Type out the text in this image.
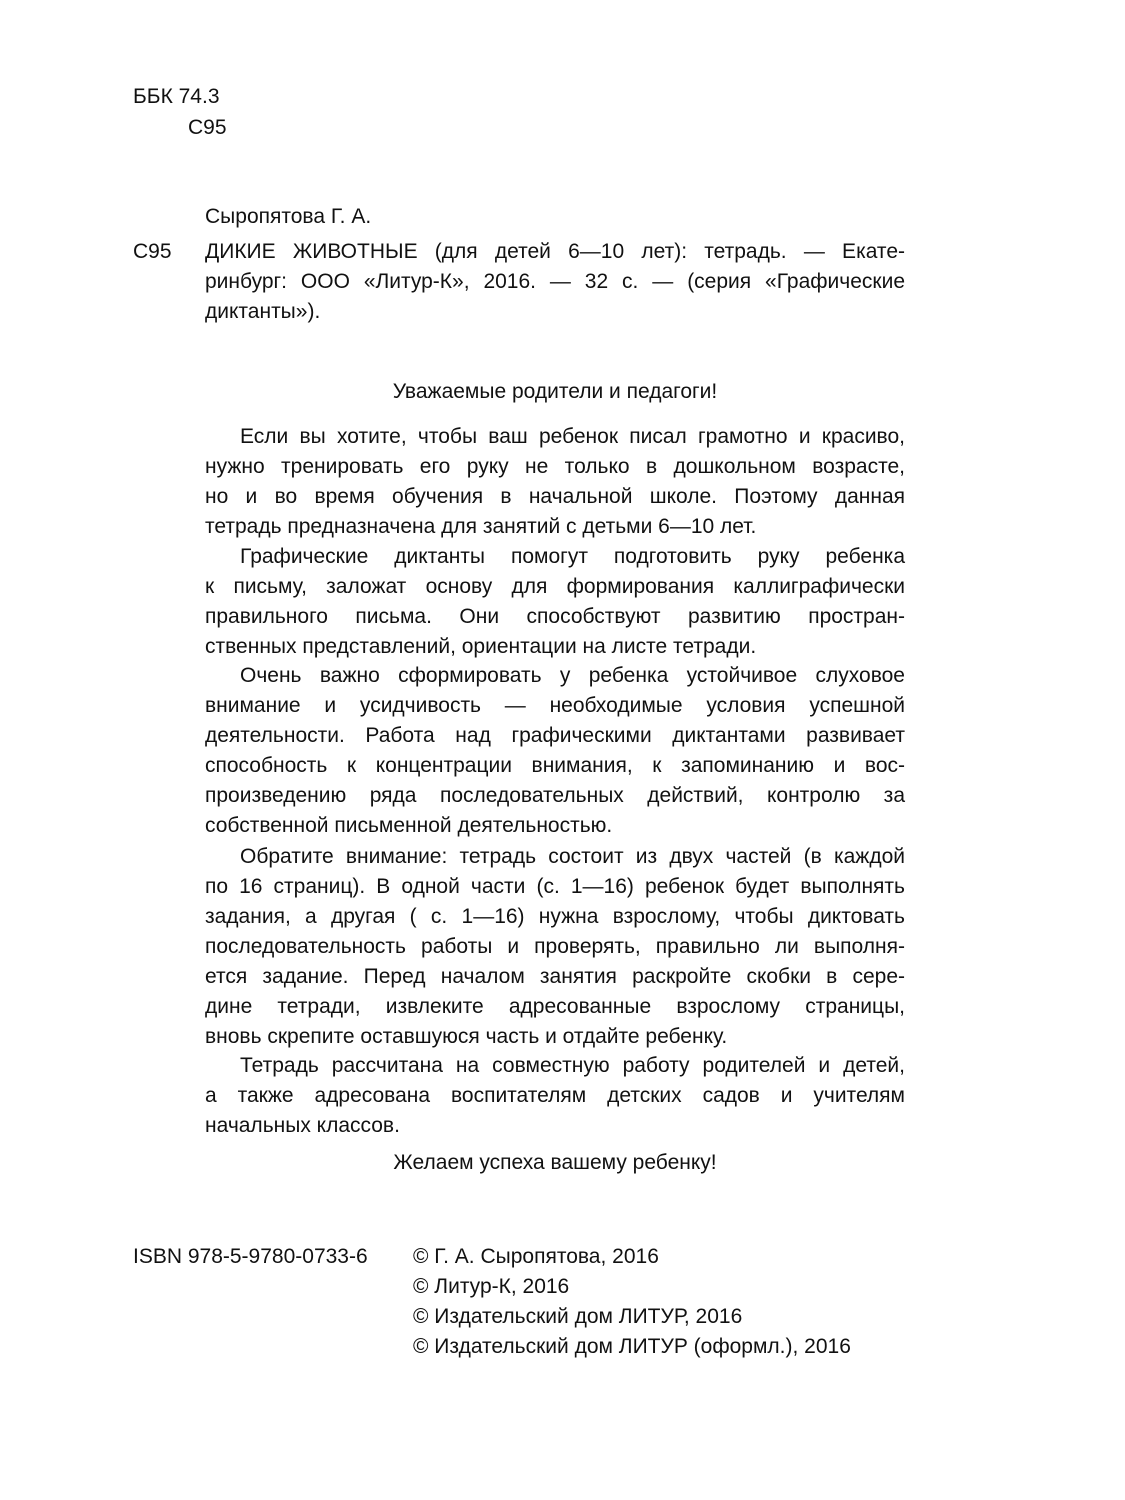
ББК 74.3
С95
Сыропятова Г. А.
С95 ДИКИЕ ЖИВОТНЫЕ (для детей 6—10 лет): тетрадь. — Екате-
ринбург: ООО «Литур-К», 2016. — 32 с. — (серия «Графические
диктанты»).
Уважаемые родители и педагоги!
Если вы хотите, чтобы ваш ребенок писал грамотно и красиво,
нужно тренировать его руку не только в дошкольном возрасте,
но и во время обучения в начальной школе. Поэтому данная
тетрадь предназначена для занятий с детьми 6—10 лет.
Графические диктанты помогут подготовить руку ребенка
к письму, заложат основу для формирования каллиграфически
правильного письма. Они способствуют развитию простран-
ственных представлений, ориентации на листе тетради.
Очень важно сформировать у ребенка устойчивое слуховое
внимание и усидчивость — необходимые условия успешной
деятельности. Работа над графическими диктантами развивает
способность к концентрации внимания, к запоминанию и вос-
произведению ряда последовательных действий, контролю за
собственной письменной деятельностью.
Обратите внимание: тетрадь состоит из двух частей (в каждой
по 16 страниц). В одной части (с. 1—16) ребенок будет выполнять
задания, а другая ( с. 1—16) нужна взрослому, чтобы диктовать
последовательность работы и проверять, правильно ли выполня-
ется задание. Перед началом занятия раскройте скобки в сере-
дине тетради, извлеките адресованные взрослому страницы,
вновь скрепите оставшуюся часть и отдайте ребенку.
Тетрадь рассчитана на совместную работу родителей и детей,
а также адресована воспитателям детских садов и учителям
начальных классов.
Желаем успеха вашему ребенку!
ISBN 978-5-9780-0733-6 © Г. А. Сыропятова, 2016
© Литур-К, 2016
© Издательский дом ЛИТУР, 2016
© Издательский дом ЛИТУР (оформл.), 2016
